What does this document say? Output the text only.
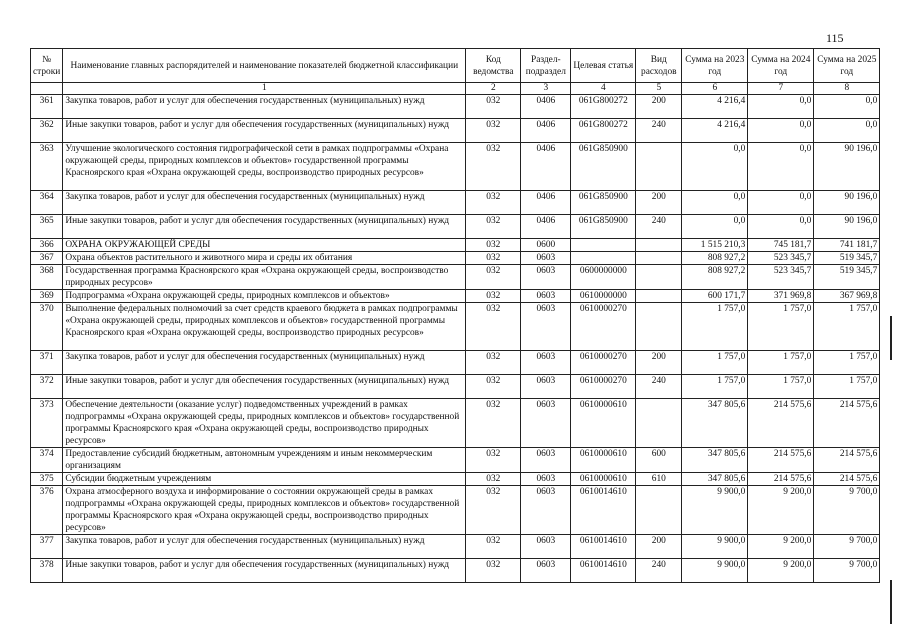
115
№ строки	Наименование главных распорядителей и наименование показателей бюджетной классификации	Код ведомства	Раздел-подраздел	Целевая статья	Вид расходов	Сумма на 2023 год	Сумма на 2024 год	Сумма на 2025 год
	1	2	3	4	5	6	7	8
361	Закупка товаров, работ и услуг для обеспечения государственных (муниципальных) нужд	032	0406	061G800272	200	4 216,4	0,0	0,0
362	Иные закупки товаров, работ и услуг для обеспечения государственных (муниципальных) нужд	032	0406	061G800272	240	4 216,4	0,0	0,0
363	Улучшение экологического состояния гидрографической сети в рамках подпрограммы «Охрана окружающей среды, природных комплексов и объектов» государственной программы Красноярского края «Охрана окружающей среды, воспроизводство природных ресурсов»	032	0406	061G850900		0,0	0,0	90 196,0
364	Закупка товаров, работ и услуг для обеспечения государственных (муниципальных) нужд	032	0406	061G850900	200	0,0	0,0	90 196,0
365	Иные закупки товаров, работ и услуг для обеспечения государственных (муниципальных) нужд	032	0406	061G850900	240	0,0	0,0	90 196,0
366	ОХРАНА ОКРУЖАЮЩЕЙ СРЕДЫ	032	0600			1 515 210,3	745 181,7	741 181,7
367	Охрана объектов растительного и животного мира и среды их обитания	032	0603			808 927,2	523 345,7	519 345,7
368	Государственная программа Красноярского края «Охрана окружающей среды, воспроизводство природных ресурсов»	032	0603	0600000000		808 927,2	523 345,7	519 345,7
369	Подпрограмма «Охрана окружающей среды, природных комплексов и объектов»	032	0603	0610000000		600 171,7	371 969,8	367 969,8
370	Выполнение федеральных полномочий за счет средств краевого бюджета в рамках подпрограммы «Охрана окружающей среды, природных комплексов и объектов» государственной программы Красноярского края «Охрана окружающей среды, воспроизводство природных ресурсов»	032	0603	0610000270		1 757,0	1 757,0	1 757,0
371	Закупка товаров, работ и услуг для обеспечения государственных (муниципальных) нужд	032	0603	0610000270	200	1 757,0	1 757,0	1 757,0
372	Иные закупки товаров, работ и услуг для обеспечения государственных (муниципальных) нужд	032	0603	0610000270	240	1 757,0	1 757,0	1 757,0
373	Обеспечение деятельности (оказание услуг) подведомственных учреждений в рамках подпрограммы «Охрана окружающей среды, природных комплексов и объектов» государственной программы Красноярского края «Охрана окружающей среды, воспроизводство природных ресурсов»	032	0603	0610000610		347 805,6	214 575,6	214 575,6
374	Предоставление субсидий бюджетным, автономным учреждениям и иным некоммерческим организациям	032	0603	0610000610	600	347 805,6	214 575,6	214 575,6
375	Субсидии бюджетным учреждениям	032	0603	0610000610	610	347 805,6	214 575,6	214 575,6
376	Охрана атмосферного воздуха и информирование о состоянии окружающей среды в рамках подпрограммы «Охрана окружающей среды, природных комплексов и объектов» государственной программы Красноярского края «Охрана окружающей среды, воспроизводство природных ресурсов»	032	0603	0610014610		9 900,0	9 200,0	9 700,0
377	Закупка товаров, работ и услуг для обеспечения государственных (муниципальных) нужд	032	0603	0610014610	200	9 900,0	9 200,0	9 700,0
378	Иные закупки товаров, работ и услуг для обеспечения государственных (муниципальных) нужд	032	0603	0610014610	240	9 900,0	9 200,0	9 700,0
